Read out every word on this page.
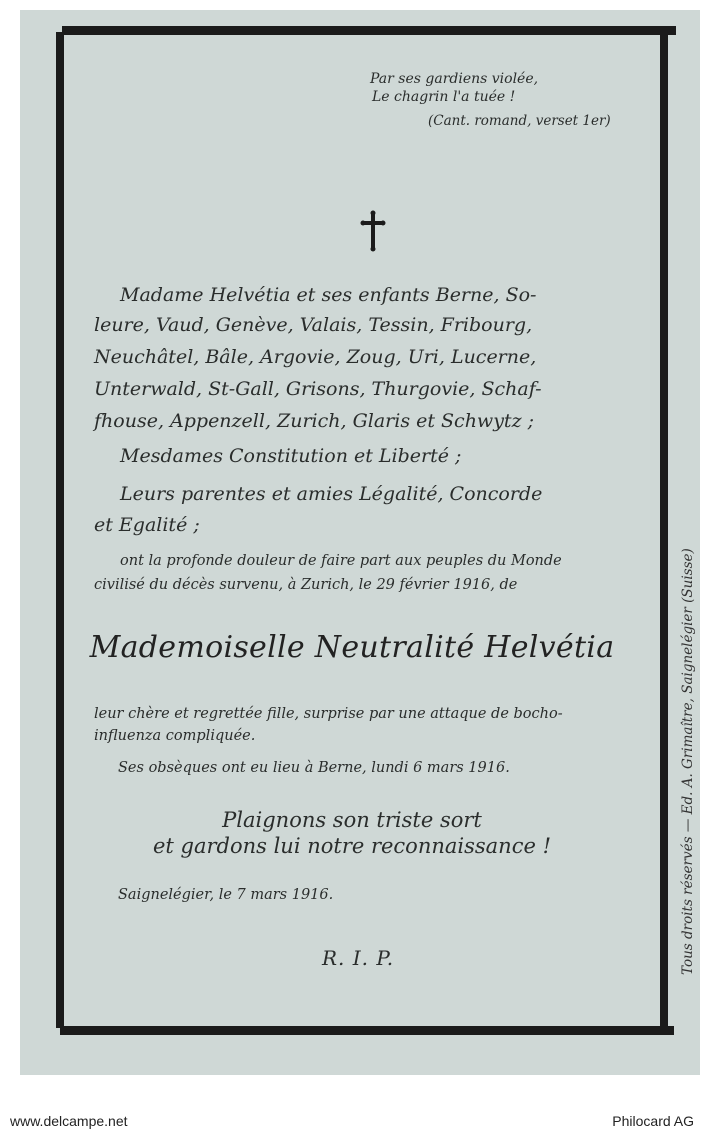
Par ses gardiens violée,
Le chagrin l'a tuée !
(Cant. romand, verset 1er)
Madame Helvétia et ses enfants Berne, So-
leure, Vaud, Genève, Valais, Tessin, Fribourg,
Neuchâtel, Bâle, Argovie, Zoug, Uri, Lucerne,
Unterwald, St-Gall, Grisons, Thurgovie, Schaf-
fhouse, Appenzell, Zurich, Glaris et Schwytz ;
Mesdames Constitution et Liberté ;
Leurs parentes et amies Légalité, Concorde
et Egalité ;
ont la profonde douleur de faire part aux peuples du Monde
civilisé du décès survenu, à Zurich, le 29 février 1916, de
Mademoiselle Neutralité Helvétia
leur chère et regrettée fille, surprise par une attaque de bocho-
influenza compliquée.
Ses obsèques ont eu lieu à Berne, lundi 6 mars 1916.
Plaignons son triste sort
et gardons lui notre reconnaissance !
Saignelégier, le 7 mars 1916.
R. I. P.	Tous droits réservés — Ed. A. Grimaître, Saignelégier (Suisse)
www.delcampe.net	Philocard AG
